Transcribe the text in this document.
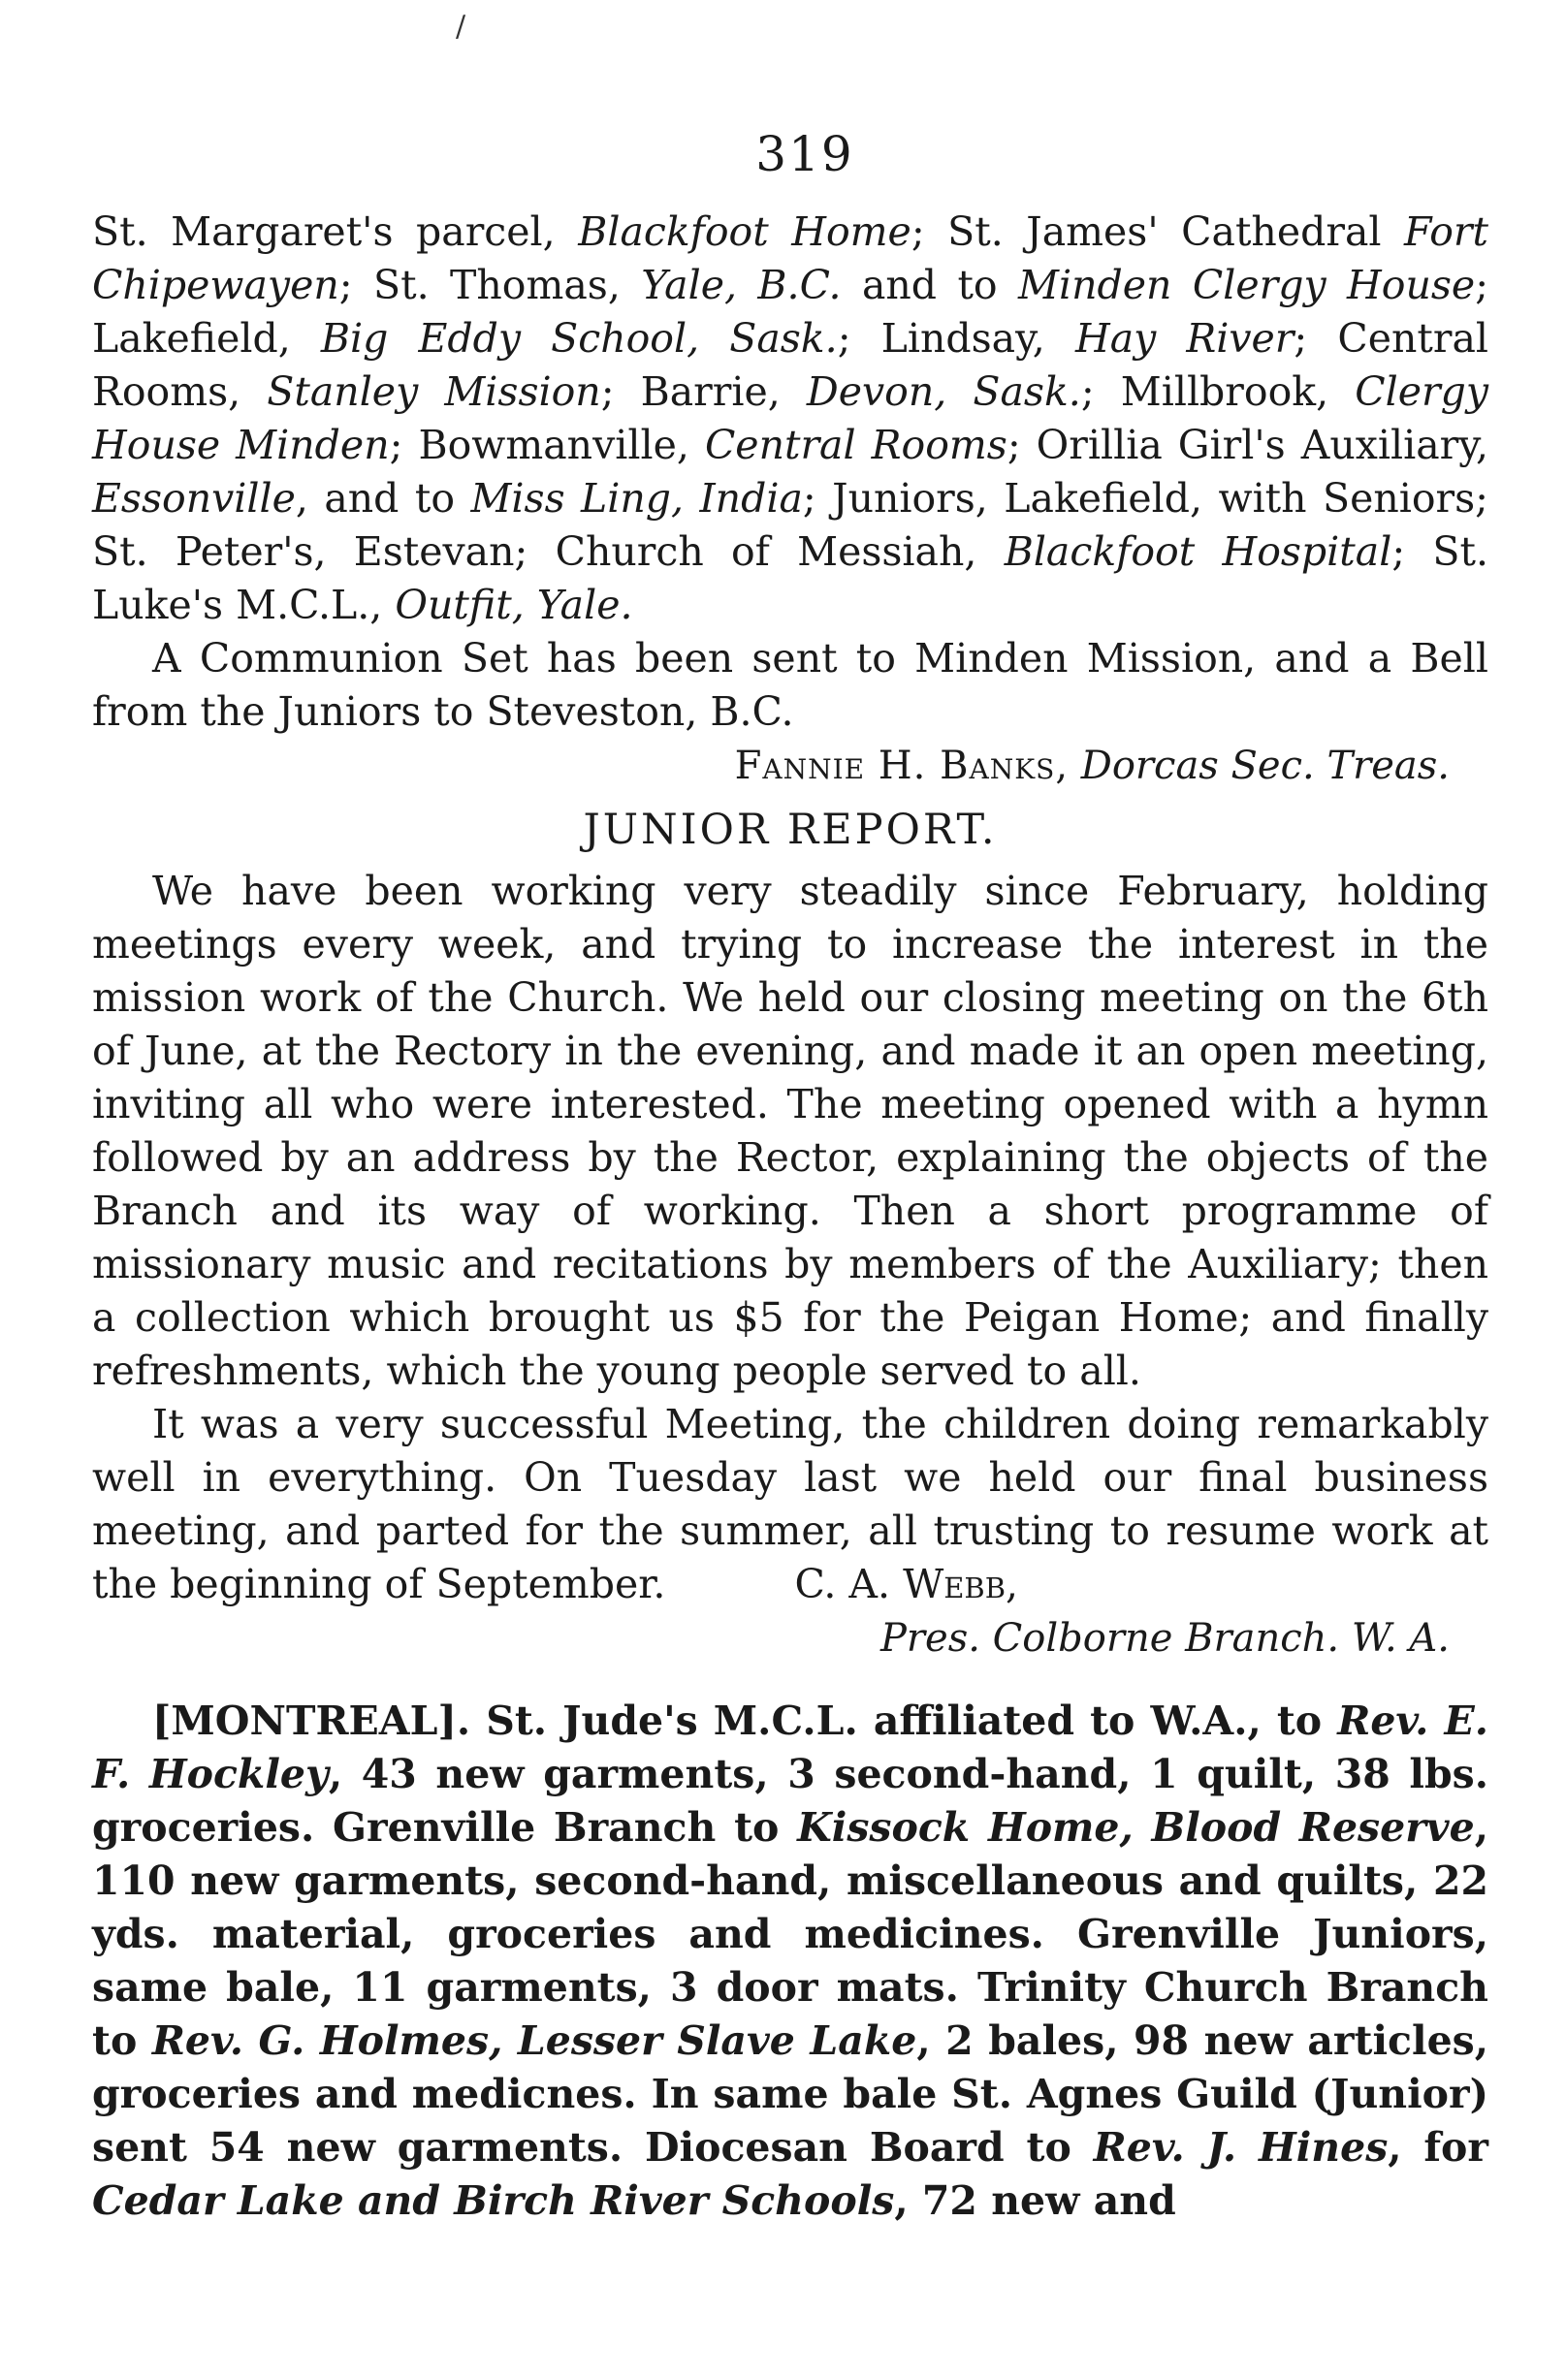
319

St. Margaret's parcel, Blackfoot Home; St. James' Cathedral Fort Chipewayen; St. Thomas, Yale, B.C. and to Minden Clergy House; Lakefield, Big Eddy School, Sask.; Lindsay, Hay River; Central Rooms, Stanley Mission; Barrie, Devon, Sask.; Millbrook, Clergy House Minden; Bowmanville, Central Rooms; Orillia Girl's Auxiliary, Essonville, and to Miss Ling, India; Juniors, Lakefield, with Seniors; St. Peter's, Estevan; Church of Messiah, Blackfoot Hospital; St. Luke's M.C.L., Outfit, Yale.

A Communion Set has been sent to Minden Mission, and a Bell from the Juniors to Steveston, B.C.

Fannie H. Banks, Dorcas Sec. Treas.

JUNIOR REPORT.

We have been working very steadily since February, holding meetings every week, and trying to increase the interest in the mission work of the Church. We held our closing meeting on the 6th of June, at the Rectory in the evening, and made it an open meeting, inviting all who were interested. The meeting opened with a hymn followed by an address by the Rector, explaining the objects of the Branch and its way of working. Then a short programme of missionary music and recitations by members of the Auxiliary; then a collection which brought us $5 for the Peigan Home; and finally refreshments, which the young people served to all.

It was a very successful Meeting, the children doing remarkably well in everything. On Tuesday last we held our final business meeting, and parted for the summer, all trusting to resume work at the beginning of September.	C. A. Webb,

Pres. Colborne Branch. W. A.

[MONTREAL]. St. Jude's M.C.L. affiliated to W.A., to Rev. E. F. Hockley, 43 new garments, 3 second-hand, 1 quilt, 38 lbs. groceries. Grenville Branch to Kissock Home, Blood Reserve, 110 new garments, second-hand, miscellaneous and quilts, 22 yds. material, groceries and medicines. Grenville Juniors, same bale, 11 garments, 3 door mats. Trinity Church Branch to Rev. G. Holmes, Lesser Slave Lake, 2 bales, 98 new articles, groceries and medicnes. In same bale St. Agnes Guild (Junior) sent 54 new garments. Diocesan Board to Rev. J. Hines, for Cedar Lake and Birch River Schools, 72 new and

/
